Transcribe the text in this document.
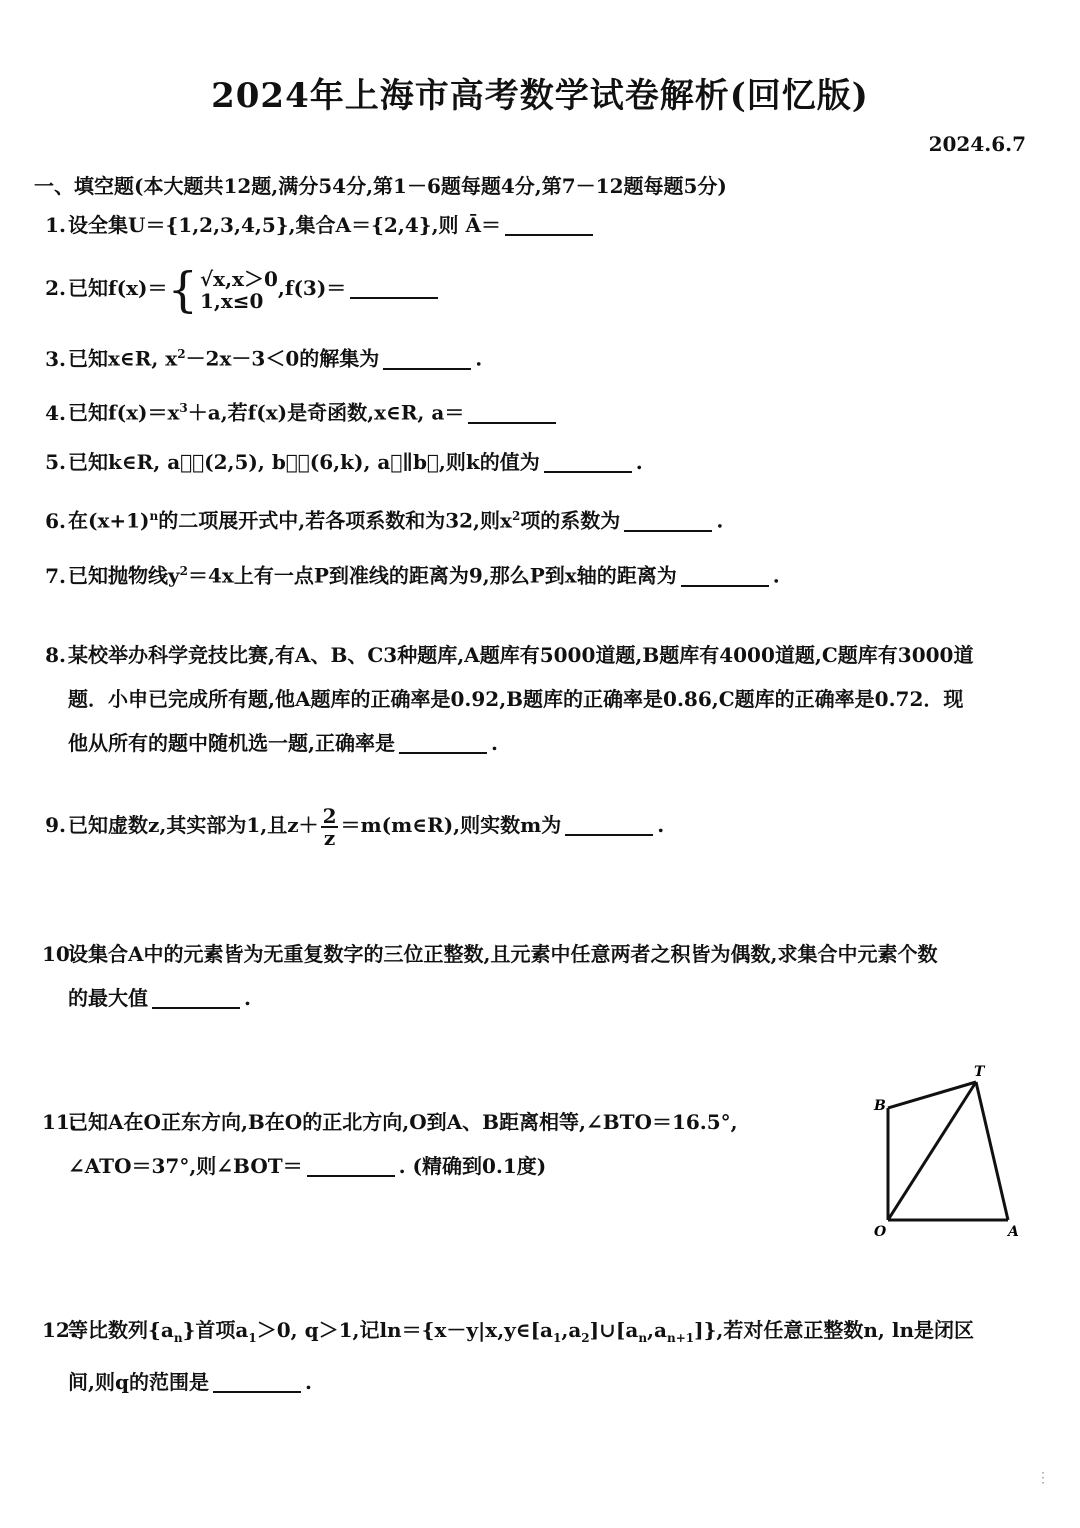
2024年上海市高考数学试卷解析(回忆版)
2024.6.7
一、填空题(本大题共12题,满分54分,第1－6题每题4分,第7－12题每题5分)
1. 设全集U＝{1,2,3,4,5},集合A＝{2,4},则 Ā＝
2. 已知f(x)＝{ √x,x＞0
1,x≤0
,f(3)＝
3. 已知x∈R, $x^2-2x-3<0$的解集为	.
4. 已知$f(x)=x^3+a$,若f(x)是奇函数,x∈R, a＝
5. 已知k∈R, a⃗＝(2,5), b⃗＝(6,k), a⃗∥b⃗,则k的值为	.
6. 在$(x+1)^n$的二项展开式中,若各项系数和为32,则$x^2$项的系数为	.
7. 已知抛物线$y^2=4x$上有一点P到准线的距离为9,那么P到x轴的距离为	.
8. 某校举办科学竞技比赛,有A、B、C3种题库,A题库有5000道题,B题库有4000道题,C题库有3000道
题．小申已完成所有题,他A题库的正确率是0.92,B题库的正确率是0.86,C题库的正确率是0.72．现
他从所有的题中随机选一题,正确率是	.
9. 已知虚数z,其实部为1,且$z+ \frac{2}{z}$ ＝m(m∈R),则实数m为	.
10.设集合A中的元素皆为无重复数字的三位正整数,且元素中任意两者之积皆为偶数,求集合中元素个数
的最大值	.
11.已知A在O正东方向,B在O的正北方向,O到A、B距离相等,∠BTO＝16.5°,
∠ATO＝37°,则∠BOT＝	. (精确到0.1度)
B
T
O	A
12.等比数列$\{a_n\}$首项$a_1>0$, q＞1,记$\ln=\{x-y|x,y\in[a_1,a_2]\cup[a_n,a_{n+1}]\}$,若对任意正整数n, ln是闭区
间,则q的范围是	.
⋮
